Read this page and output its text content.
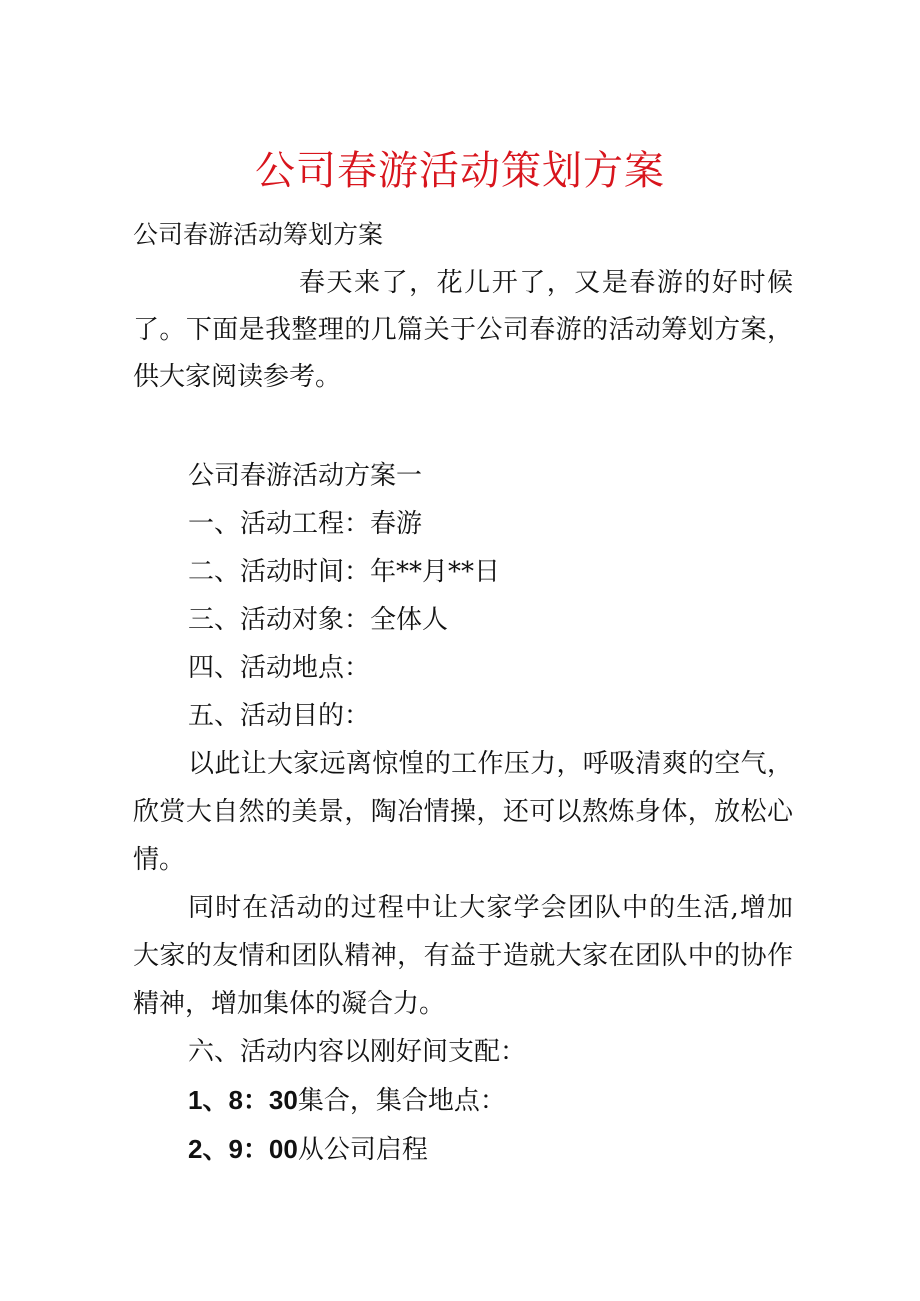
公司春游活动策划方案
公司春游活动筹划方案
春天来了，花儿开了，又是春游的好时候了。下面是我整理的几篇关于公司春游的活动筹划方案，供大家阅读参考。

公司春游活动方案一

一、活动工程：春游

二、活动时间：年**月**日

三、活动对象：全体人

四、活动地点：

五、活动目的：

以此让大家远离惊惶的工作压力，呼吸清爽的空气，欣赏大自然的美景，陶冶情操，还可以熬炼身体，放松心情。

同时在活动的过程中让大家学会团队中的生活,增加大家的友情和团队精神，有益于造就大家在团队中的协作精神，增加集体的凝合力。

六、活动内容以刚好间支配：

1、8：30集合，集合地点：

2、9：00从公司启程
